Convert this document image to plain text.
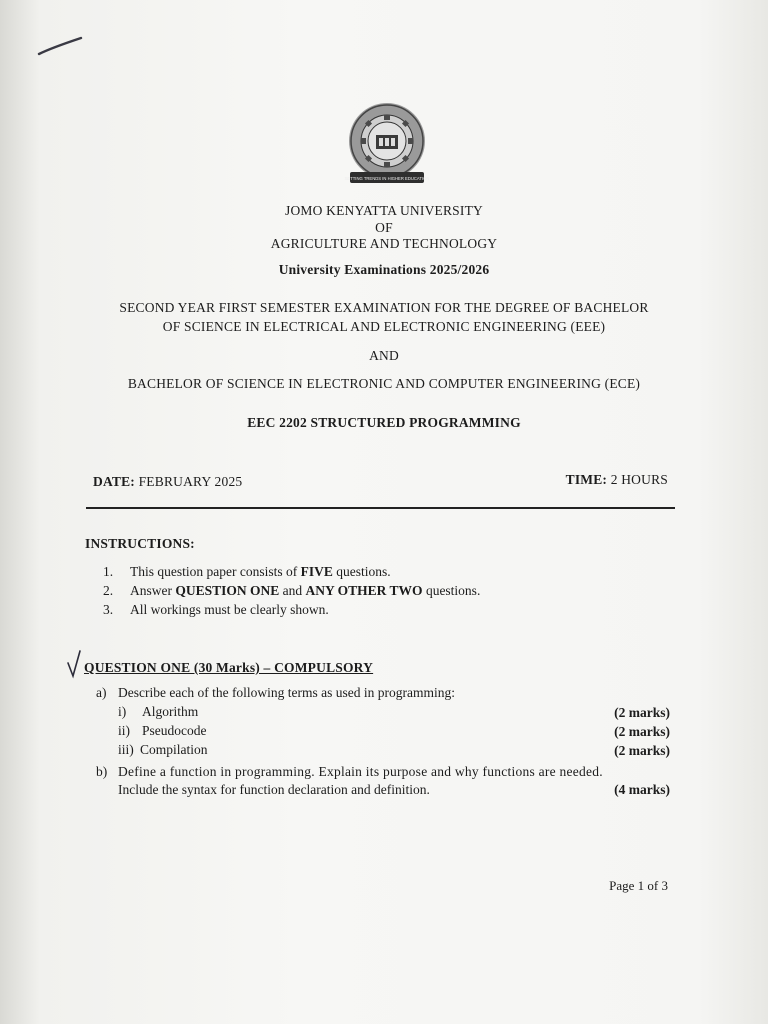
SETTING TRENDS IN HIGHER EDUCATION
JOMO KENYATTA UNIVERSITY
OF
AGRICULTURE AND TECHNOLOGY
University Examinations 2025/2026
SECOND YEAR FIRST SEMESTER EXAMINATION FOR THE DEGREE OF BACHELOR
OF SCIENCE IN ELECTRICAL AND ELECTRONIC ENGINEERING (EEE)
AND
BACHELOR OF SCIENCE IN ELECTRONIC AND COMPUTER ENGINEERING (ECE)
EEC 2202 STRUCTURED PROGRAMMING
DATE: FEBRUARY 2025	TIME: 2 HOURS
INSTRUCTIONS:
1. This question paper consists of FIVE questions.
2. Answer QUESTION ONE and ANY OTHER TWO questions.
3. All workings must be clearly shown.
QUESTION ONE (30 Marks) – COMPULSORY
a) Describe each of the following terms as used in programming:
i) Algorithm	(2 marks)
ii) Pseudocode	(2 marks)
iii) Compilation	(2 marks)
b) Define a function in programming. Explain its purpose and why functions are needed.
Include the syntax for function declaration and definition.	(4 marks)
Page 1 of 3
